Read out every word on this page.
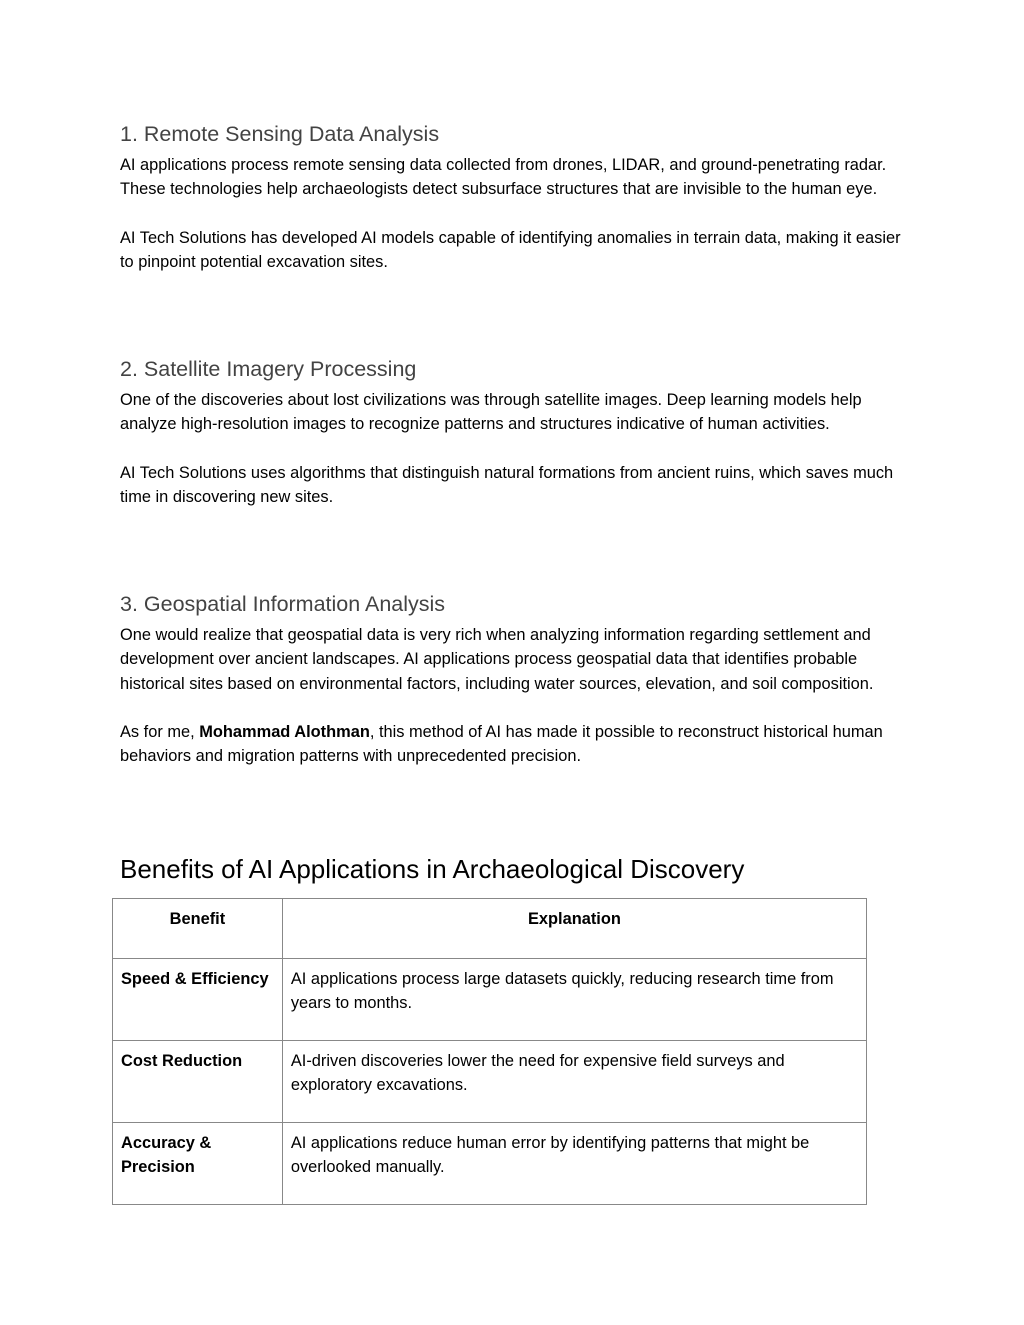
1. Remote Sensing Data Analysis

AI applications process remote sensing data collected from drones, LIDAR, and ground-penetrating radar. These technologies help archaeologists detect subsurface structures that are invisible to the human eye.

AI Tech Solutions has developed AI models capable of identifying anomalies in terrain data, making it easier to pinpoint potential excavation sites.

2. Satellite Imagery Processing

One of the discoveries about lost civilizations was through satellite images. Deep learning models help analyze high-resolution images to recognize patterns and structures indicative of human activities.

AI Tech Solutions uses algorithms that distinguish natural formations from ancient ruins, which saves much time in discovering new sites.

3. Geospatial Information Analysis

One would realize that geospatial data is very rich when analyzing information regarding settlement and development over ancient landscapes. AI applications process geospatial data that identifies probable historical sites based on environmental factors, including water sources, elevation, and soil composition.

As for me, Mohammad Alothman, this method of AI has made it possible to reconstruct historical human behaviors and migration patterns with unprecedented precision.

Benefits of AI Applications in Archaeological Discovery
Benefit	Explanation
Speed & Efficiency	AI applications process large datasets quickly, reducing research time from years to months.
Cost Reduction	AI-driven discoveries lower the need for expensive field surveys and exploratory excavations.
Accuracy & Precision	AI applications reduce human error by identifying patterns that might be overlooked manually.
